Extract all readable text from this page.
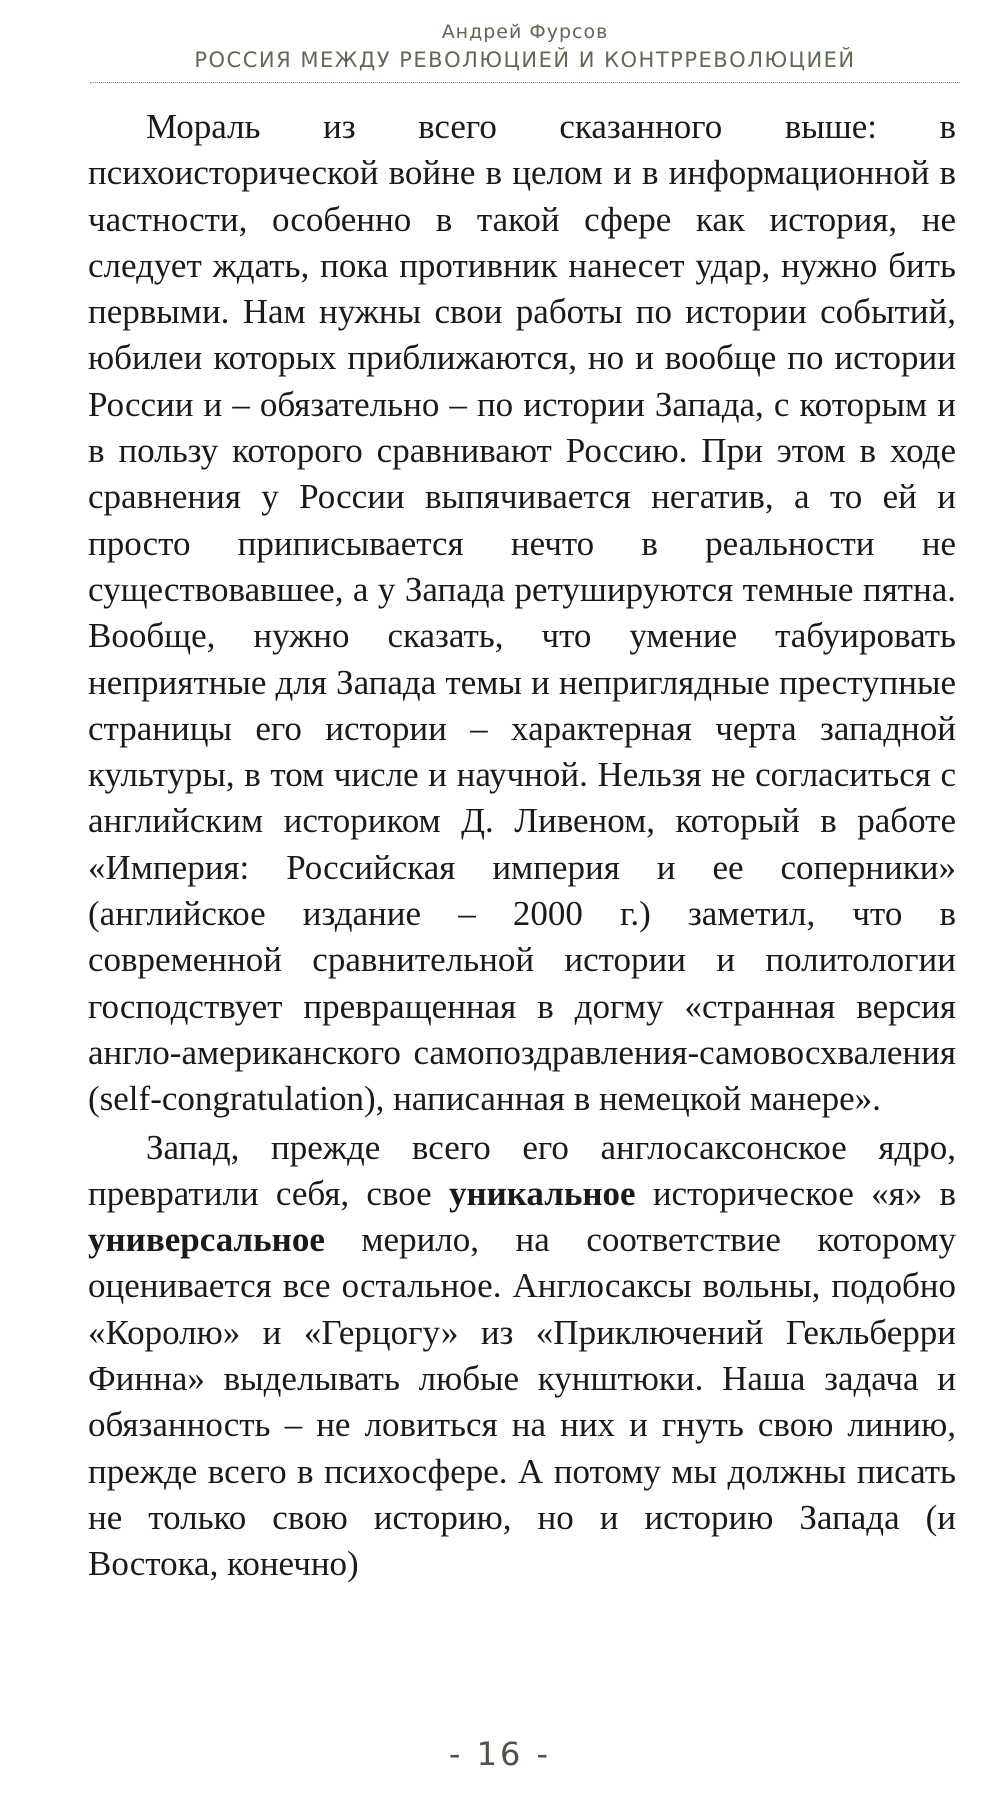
Андрей Фурсов
РОССИЯ МЕЖДУ РЕВОЛЮЦИЕЙ И КОНТРРЕВОЛЮЦИЕЙ

Мораль из всего сказанного выше: в психоисторической войне в целом и в информационной в частности, особенно в такой сфере как история, не следует ждать, пока противник нанесет удар, нужно бить первыми. Нам нужны свои работы по истории событий, юбилеи которых приближаются, но и вообще по истории России и – обязательно – по истории Запада, с которым и в пользу которого сравнивают Россию. При этом в ходе сравнения у России выпячивается негатив, а то ей и просто приписывается нечто в реальности не существовавшее, а у Запада ретушируются темные пятна. Вообще, нужно сказать, что умение табуировать неприятные для Запада темы и неприглядные преступные страницы его истории – характерная черта западной культуры, в том числе и научной. Нельзя не согласиться с английским историком Д. Ливеном, который в работе «Империя: Российская империя и ее соперники» (английское издание – 2000 г.) заметил, что в современной сравнительной истории и политологии господствует превращенная в догму «странная версия англо-американского самопоздравления-самовосхваления (self-congratulation), написанная в немецкой манере».

Запад, прежде всего его англосаксонское ядро, превратили себя, свое уникальное историческое «я» в универсальное мерило, на соответствие которому оценивается все остальное. Англосаксы вольны, подобно «Королю» и «Герцогу» из «Приключений Гекльберри Финна» выделывать любые кунштюки. Наша задача и обязанность – не ловиться на них и гнуть свою линию, прежде всего в психосфере. А потому мы должны писать не только свою историю, но и историю Запада (и Востока, конечно)

- 16 -
